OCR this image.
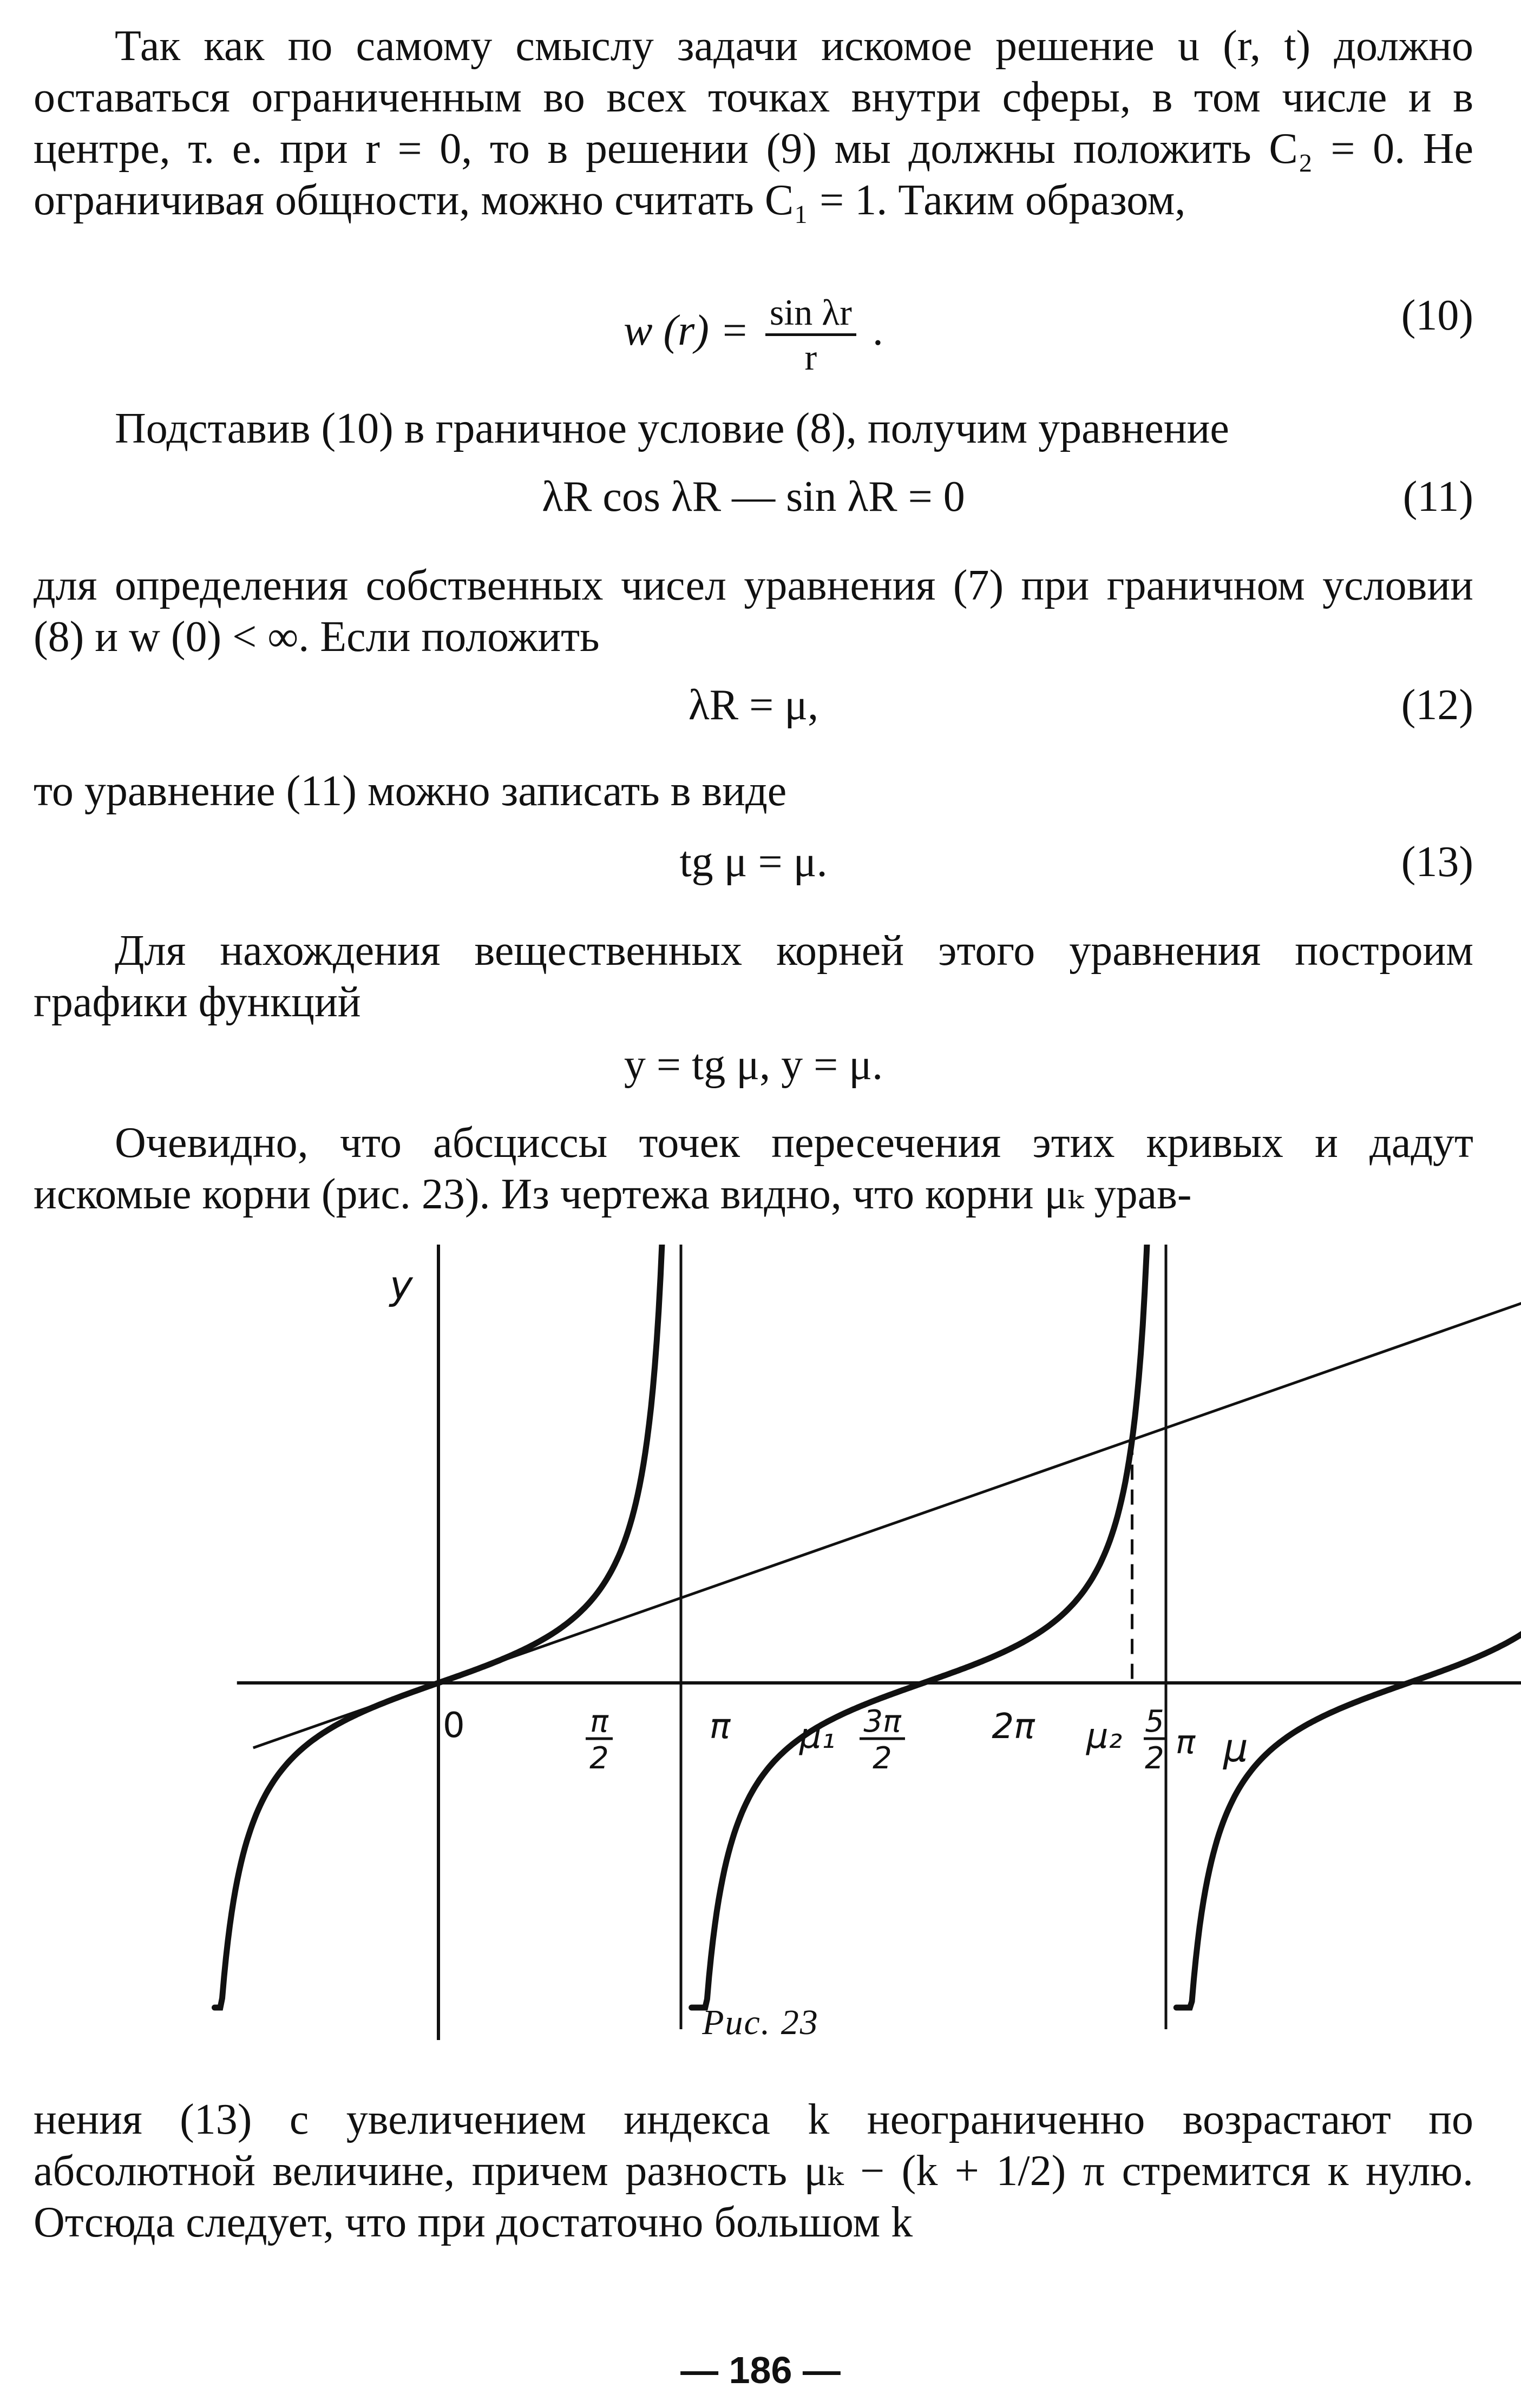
Так как по самому смыслу задачи искомое решение u (r, t) должно оставаться ограниченным во всех точках внутри сферы, в том числе и в центре, т. е. при r = 0, то в решении (9) мы должны положить C₂ = 0. Не ограничивая общности, можно считать C₁ = 1. Таким образом,

w $(r) = \frac{\text{sin λr}}{r}$ .	(10)

Подставив (10) в граничное условие (8), получим уравнение

λR cos λR — sin λR = 0	(11)

для определения собственных чисел уравнения (7) при граничном условии (8) и w (0) < ∞. Если положить

λR = μ,	(12)

то уравнение (11) можно записать в виде

tg μ = μ.	(13)

Для нахождения вещественных корней этого уравнения построим графики функций

y = tg μ, y = μ.

Очевидно, что абсциссы точек пересечения этих кривых и дадут искомые корни (рис. 23). Из чертежа видно, что корни μₖ урав-

y
μ
0	π
2
π μ₁ 3π
2
2π μ₂ 5
2 π
Рис. 23

нения (13) с увеличением индекса k неограниченно возрастают по абсолютной величине, причем разность μₖ − (k + 1/2) π стремится к нулю. Отсюда следует, что при достаточно большом k

— 186 —
